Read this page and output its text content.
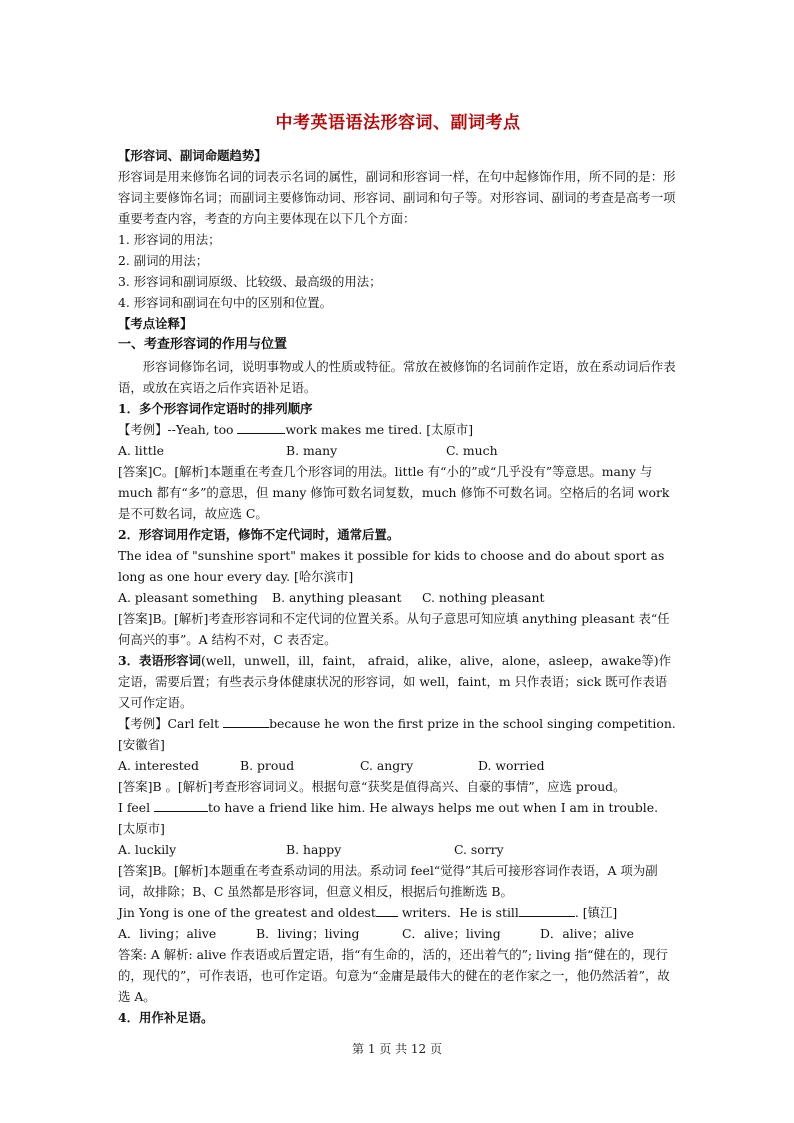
中考英语语法形容词、副词考点

【形容词、副词命题趋势】

形容词是用来修饰名词的词表示名词的属性，副词和形容词一样，在句中起修饰作用，所不同的是：形容词主要修饰名词；而副词主要修饰动词、形容词、副词和句子等。对形容词、副词的考查是高考一项重要考查内容，考查的方向主要体现在以下几个方面：

1. 形容词的用法；

2. 副词的用法；

3. 形容词和副词原级、比较级、最高级的用法；

4. 形容词和副词在句中的区别和位置。

【考点诠释】

一、考查形容词的作用与位置

形容词修饰名词，说明事物或人的性质或特征。常放在被修饰的名词前作定语，放在系动词后作表语，或放在宾语之后作宾语补足语。

1．多个形容词作定语时的排列顺序

【考例】--Yeah, too	work makes me tired. [太原市]

A. little	B. many	C. much

[答案]C。[解析]本题重在考查几个形容词的用法。little 有“小的”或“几乎没有”等意思。many 与 much 都有“多”的意思，但 many 修饰可数名词复数，much 修饰不可数名词。空格后的名词 work 是不可数名词，故应选 C。

2．形容词用作定语，修饰不定代词时，通常后置。

The idea of "sunshine sport" makes it possible for kids to choose and do about sport as long as one hour every day. [哈尔滨市]

A. pleasant something	B. anything pleasant	C. nothing pleasant

[答案]B。[解析]考查形容词和不定代词的位置关系。从句子意思可知应填 anything pleasant 表“任何高兴的事”。A 结构不对，C 表否定。

3．表语形容词(well，unwell，ill，faint， afraid，alike，alive，alone，asleep，awake等)作定语，需要后置；有些表示身体健康状况的形容词，如 well，faint，m 只作表语；sick 既可作表语又可作定语。

【考例】Carl felt	because he won the first prize in the school singing competition. [安徽省]

A. interested	B. proud	C. angry	D. worried

[答案]B 。[解析]考查形容词词义。根据句意“获奖是值得高兴、自豪的事情”，应选 proud。

I feel	to have a friend like him. He always helps me out when I am in trouble. [太原市]

A. luckily	B. happy	C. sorry

[答案]B。[解析]本题重在考查系动词的用法。系动词 feel“觉得”其后可接形容词作表语，A 项为副词，故排除；B、C 虽然都是形容词，但意义相反，根据后句推断选 B。

Jin Yong is one of the greatest and oldest writers．He is still	. [镇江]

A．living；alive	B．living；living	C．alive；living	D．alive；alive

答案: A 解析: alive 作表语或后置定语，指“有生命的，活的，还出着气的”; living 指“健在的，现行的，现代的”，可作表语，也可作定语。句意为“金庸是最伟大的健在的老作家之一，他仍然活着”，故选 A。

4．用作补足语。

第 1 页 共 12 页
